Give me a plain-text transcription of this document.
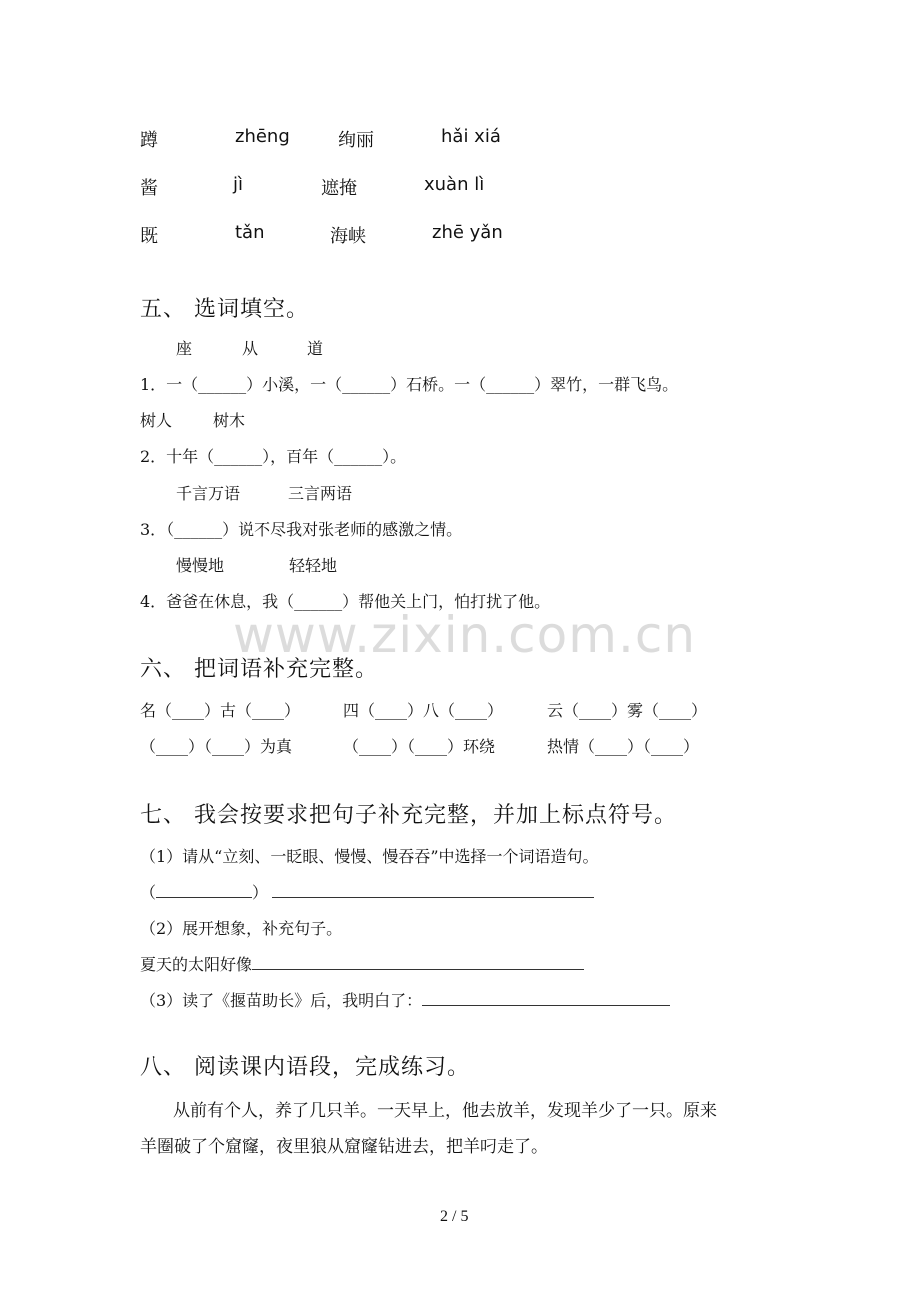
蹲	zhēng	绚丽	hǎi xiá
酱	jì	遮掩	xuàn lì
既	tǎn	海峡	zhē yǎn
五、 选词填空。
座	从	道
1．一（______）小溪，一（______）石桥。一（______）翠竹，一群飞鸟。
树人	树木
2．十年（______），百年（______）。
千言万语	三言两语
3．（______）说不尽我对张老师的感激之情。
慢慢地	轻轻地
4．爸爸在休息，我（______）帮他关上门，怕打扰了他。
www.zixin.com.cn
六、 把词语补充完整。
名（____）古（____）	四（____）八（____）	云（____）雾（____）
（____）（____）为真	（____）（____）环绕	热情（____）（____）
七、 我会按要求把句子补充完整，并加上标点符号。
（1）请从“立刻、一眨眼、慢慢、慢吞吞”中选择一个词语造句。
（	）
（2）展开想象，补充句子。
夏天的太阳好像
（3）读了《揠苗助长》后，我明白了：
八、 阅读课内语段，完成练习。
从前有个人，养了几只羊。一天早上，他去放羊，发现羊少了一只。原来
羊圈破了个窟窿，夜里狼从窟窿钻进去，把羊叼走了。
2 / 5
